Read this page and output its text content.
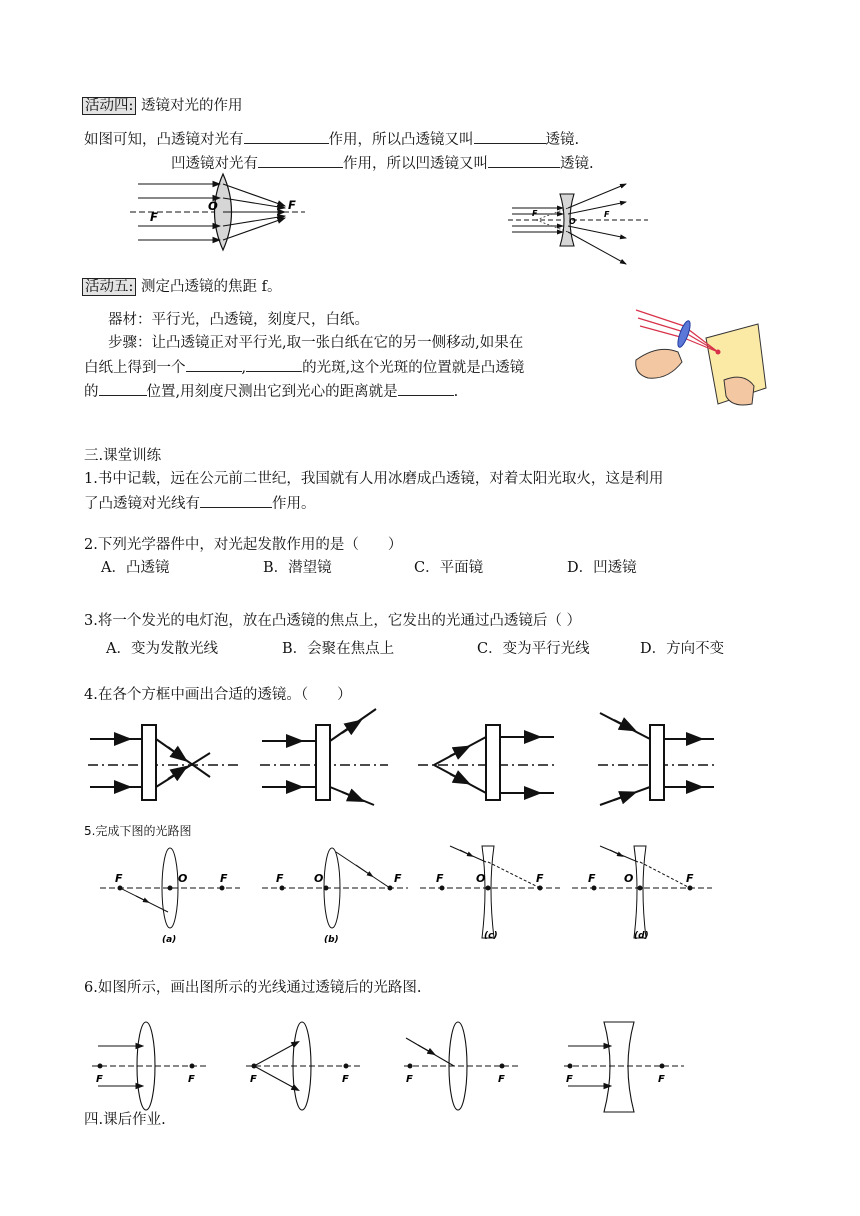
活动四: 透镜对光的作用
如图可知，凸透镜对光有	作用，所以凸透镜又叫	透镜.
凹透镜对光有	作用，所以凹透镜又叫	透镜.
F
O	F
F
O
F
活动五: 测定凸透镜的焦距 f。
器材：平行光，凸透镜，刻度尺，白纸。
步骤：让凸透镜正对平行光,取一张白纸在它的另一侧移动,如果在
白纸上得到一个	,	的光斑,这个光斑的位置就是凸透镜
的	位置,用刻度尺测出它到光心的距离就是	.
三.课堂训练
1.书中记载，远在公元前二世纪，我国就有人用冰磨成凸透镜，对着太阳光取火，这是利用
了凸透镜对光线有	作用。
2.下列光学器件中，对光起发散作用的是（　　）
A．凸透镜	B．潜望镜	C．平面镜	D．凹透镜
3.将一个发光的电灯泡，放在凸透镜的焦点上，它发出的光通过凸透镜后（ ）
A．变为发散光线	B．会聚在焦点上	C．变为平行光线	D．方向不变
4.在各个方框中画出合适的透镜。（　　）
5.完成下图的光路图
F	O	F	F	O	F	F	O	F	F	O	F
(a)	(b)	(c)	(d)
6.如图所示，画出图所示的光线通过透镜后的光路图.
F	F	F	F	F	F	F	F
四.课后作业.
